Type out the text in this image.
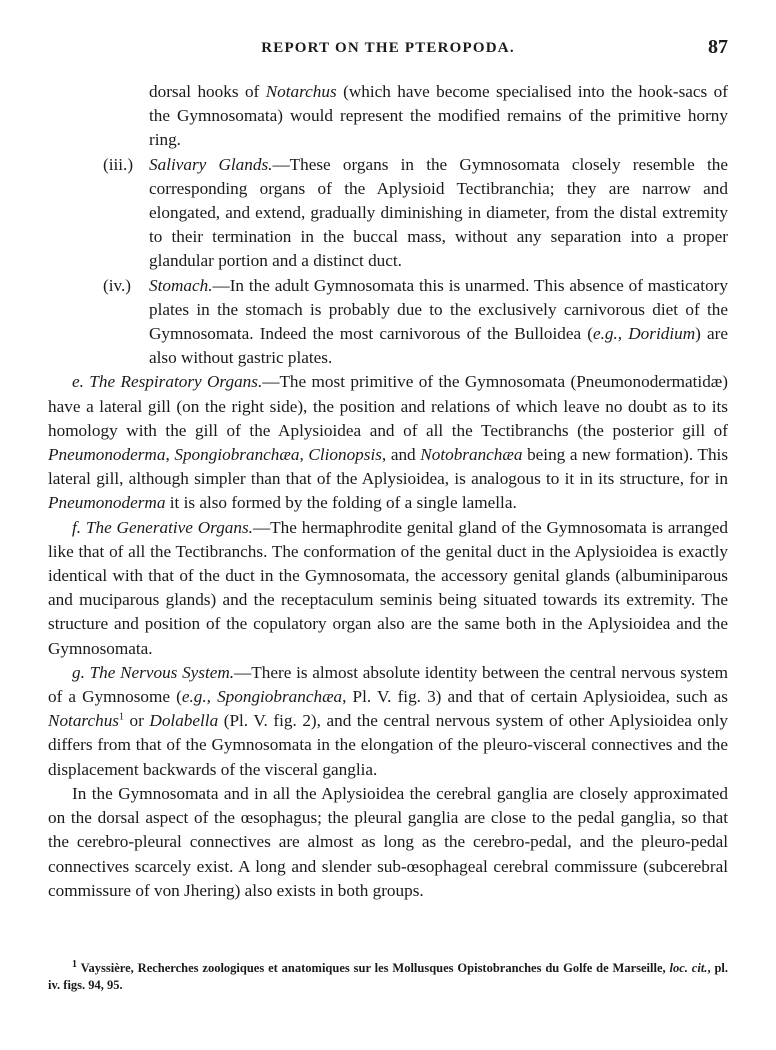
REPORT ON THE PTEROPODA.	87

dorsal hooks of Notarchus (which have become specialised into the hook-sacs of the Gymnosomata) would represent the modified remains of the primitive horny ring.

(iii.) Salivary Glands.—These organs in the Gymnosomata closely resemble the corresponding organs of the Aplysioid Tectibranchia; they are narrow and elongated, and extend, gradually diminishing in diameter, from the distal extremity to their termination in the buccal mass, without any separation into a proper glandular portion and a distinct duct.

(iv.) Stomach.—In the adult Gymnosomata this is unarmed. This absence of masticatory plates in the stomach is probably due to the exclusively carnivorous diet of the Gymnosomata. Indeed the most carnivorous of the Bulloidea (e.g., Doridium) are also without gastric plates.

e. The Respiratory Organs.—The most primitive of the Gymnosomata (Pneumonodermatidæ) have a lateral gill (on the right side), the position and relations of which leave no doubt as to its homology with the gill of the Aplysioidea and of all the Tectibranchs (the posterior gill of Pneumonoderma, Spongiobranchæa, Clionopsis, and Notobranchæa being a new formation). This lateral gill, although simpler than that of the Aplysioidea, is analogous to it in its structure, for in Pneumonoderma it is also formed by the folding of a single lamella.

f. The Generative Organs.—The hermaphrodite genital gland of the Gymnosomata is arranged like that of all the Tectibranchs. The conformation of the genital duct in the Aplysioidea is exactly identical with that of the duct in the Gymnosomata, the accessory genital glands (albuminiparous and muciparous glands) and the receptaculum seminis being situated towards its extremity. The structure and position of the copulatory organ also are the same both in the Aplysioidea and the Gymnosomata.

g. The Nervous System.—There is almost absolute identity between the central nervous system of a Gymnosome (e.g., Spongiobranchæa, Pl. V. fig. 3) and that of certain Aplysioidea, such as Notarchus$^1$ or Dolabella (Pl. V. fig. 2), and the central nervous system of other Aplysioidea only differs from that of the Gymnosomata in the elongation of the pleuro-visceral connectives and the displacement backwards of the visceral ganglia.

In the Gymnosomata and in all the Aplysioidea the cerebral ganglia are closely approximated on the dorsal aspect of the œsophagus; the pleural ganglia are close to the pedal ganglia, so that the cerebro-pleural connectives are almost as long as the cerebro-pedal, and the pleuro-pedal connectives scarcely exist. A long and slender sub-œsophageal cerebral commissure (subcerebral commissure of von Jhering) also exists in both groups.

$^1$ Vayssière, Recherches zoologiques et anatomiques sur les Mollusques Opistobranches du Golfe de Marseille, loc. cit., pl. iv. figs. 94, 95.
